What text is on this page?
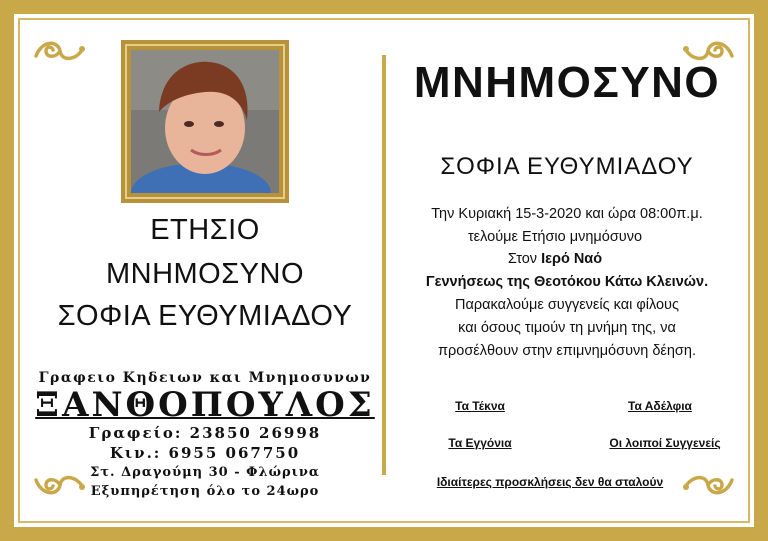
ΕΤΗΣΙΟ
ΜΝΗΜΟΣΥΝΟ
ΣΟΦΙΑ ΕΥΘΥΜΙΑΔΟΥ
Γραφειο Κηδειων και Μνημοσυνων
ΞΑΝΘΟΠΟΥΛΟΣ
Γραφείο: 23850 26998
Κιν.: 6955 067750
Στ. Δραγούμη 30 - Φλώρινα
Εξυπηρέτηση όλο το 24ωρο
ΜΝΗΜΟΣΥΝΟ
ΣΟΦΙΑ ΕΥΘΥΜΙΑΔΟΥ
Την Κυριακή 15-3-2020 και ώρα 08:00π.μ.
τελούμε Ετήσιο μνημόσυνο
Στον Ιερό Ναό
Γεννήσεως της Θεοτόκου Κάτω Κλεινών.
Παρακαλούμε συγγενείς και φίλους
και όσους τιμούν τη μνήμη της, να
προσέλθουν στην επιμνημόσυνη δέηση.
Τα Τέκνα	Τα Αδέλφια
Τα Εγγόνια	Οι λοιποί Συγγενείς
Ιδιαίτερες προσκλήσεις δεν θα σταλούν
